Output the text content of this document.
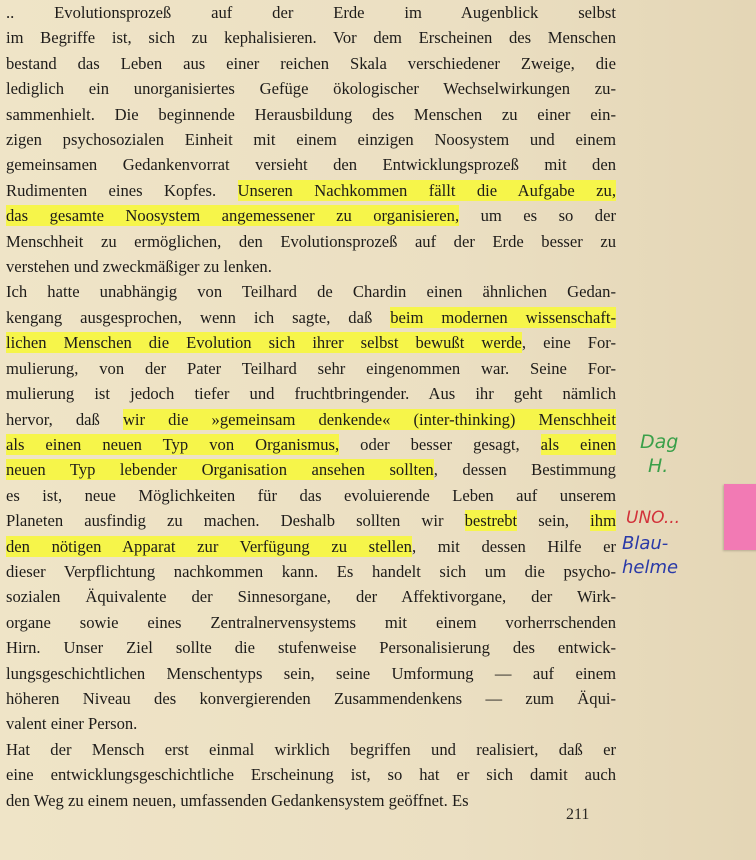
.. Evolutionsprozeß auf der Erde im Augenblick selbst
im Begriffe ist, sich zu kephalisieren. Vor dem Erscheinen des Menschen
bestand das Leben aus einer reichen Skala verschiedener Zweige, die
lediglich ein unorganisiertes Gefüge ökologischer Wechselwirkungen zu-
sammenhielt. Die beginnende Herausbildung des Menschen zu einer ein-
zigen psychosozialen Einheit mit einem einzigen Noosystem und einem
gemeinsamen Gedankenvorrat versieht den Entwicklungsprozeß mit den
Rudimenten eines Kopfes. Unseren Nachkommen fällt die Aufgabe zu,
das gesamte Noosystem angemessener zu organisieren, um es so der
Menschheit zu ermöglichen, den Evolutionsprozeß auf der Erde besser zu
verstehen und zweckmäßiger zu lenken.
Ich hatte unabhängig von Teilhard de Chardin einen ähnlichen Gedan-
kengang ausgesprochen, wenn ich sagte, daß beim modernen wissenschaft-
lichen Menschen die Evolution sich ihrer selbst bewußt werde, eine For-
mulierung, von der Pater Teilhard sehr eingenommen war. Seine For-
mulierung ist jedoch tiefer und fruchtbringender. Aus ihr geht nämlich
hervor, daß wir die »gemeinsam denkende« (inter-thinking) Menschheit
als einen neuen Typ von Organismus, oder besser gesagt, als einen
neuen Typ lebender Organisation ansehen sollten, dessen Bestimmung
es ist, neue Möglichkeiten für das evoluierende Leben auf unserem
Planeten ausfindig zu machen. Deshalb sollten wir bestrebt sein, ihm
den nötigen Apparat zur Verfügung zu stellen, mit dessen Hilfe er
dieser Verpflichtung nachkommen kann. Es handelt sich um die psycho-
sozialen Äquivalente der Sinnesorgane, der Affektivorgane, der Wirk-
organe sowie eines Zentralnervensystems mit einem vorherrschenden
Hirn. Unser Ziel sollte die stufenweise Personalisierung des entwick-
lungsgeschichtlichen Menschentyps sein, seine Umformung — auf einem
höheren Niveau des konvergierenden Zusammendenkens — zum Äqui-
valent einer Person.
Hat der Mensch erst einmal wirklich begriffen und realisiert, daß er
eine entwicklungsgeschichtliche Erscheinung ist, so hat er sich damit auch
den Weg zu einem neuen, umfassenden Gedankensystem geöffnet. Es
211
Dag
H.
UNO...
Blau-
helme
